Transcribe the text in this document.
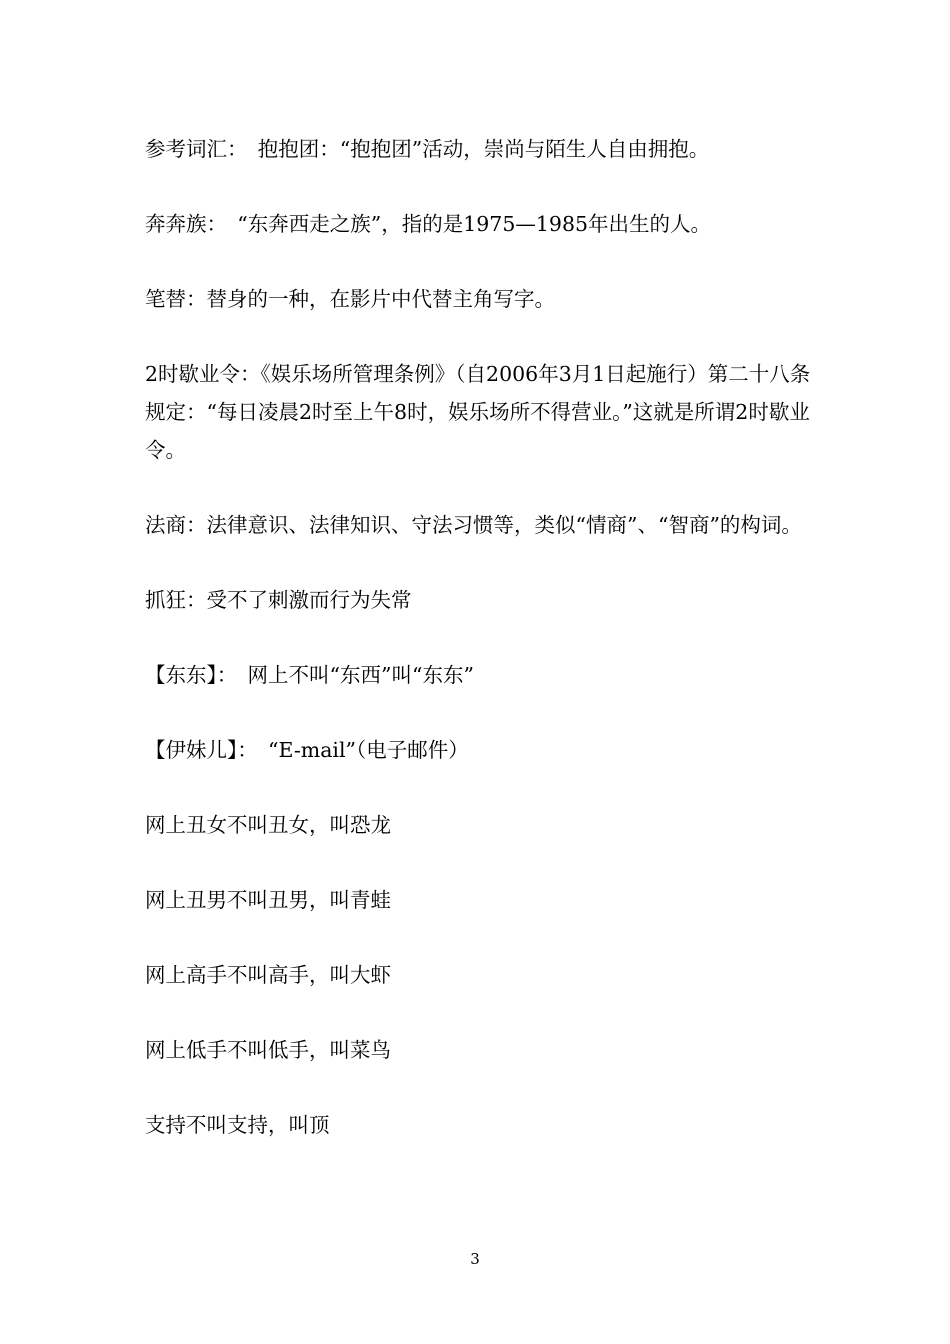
参考词汇：　抱抱团：“抱抱团”活动，崇尚与陌生人自由拥抱。

奔奔族：　“东奔西走之族”，指的是1975—1985年出生的人。

笔替：替身的一种，在影片中代替主角写字。

2时歇业令：《娱乐场所管理条例》（自2006年3月1日起施行）第二十八条规定：“每日凌晨2时至上午8时，娱乐场所不得营业。”这就是所谓2时歇业令。

法商：法律意识、法律知识、守法习惯等，类似“情商”、“智商”的构词。

抓狂：受不了刺激而行为失常

【东东】：　网上不叫“东西”叫“东东”

【伊妹儿】：　“E-mail”（电子邮件）

网上丑女不叫丑女，叫恐龙

网上丑男不叫丑男，叫青蛙

网上高手不叫高手，叫大虾

网上低手不叫低手，叫菜鸟

支持不叫支持，叫顶

3
